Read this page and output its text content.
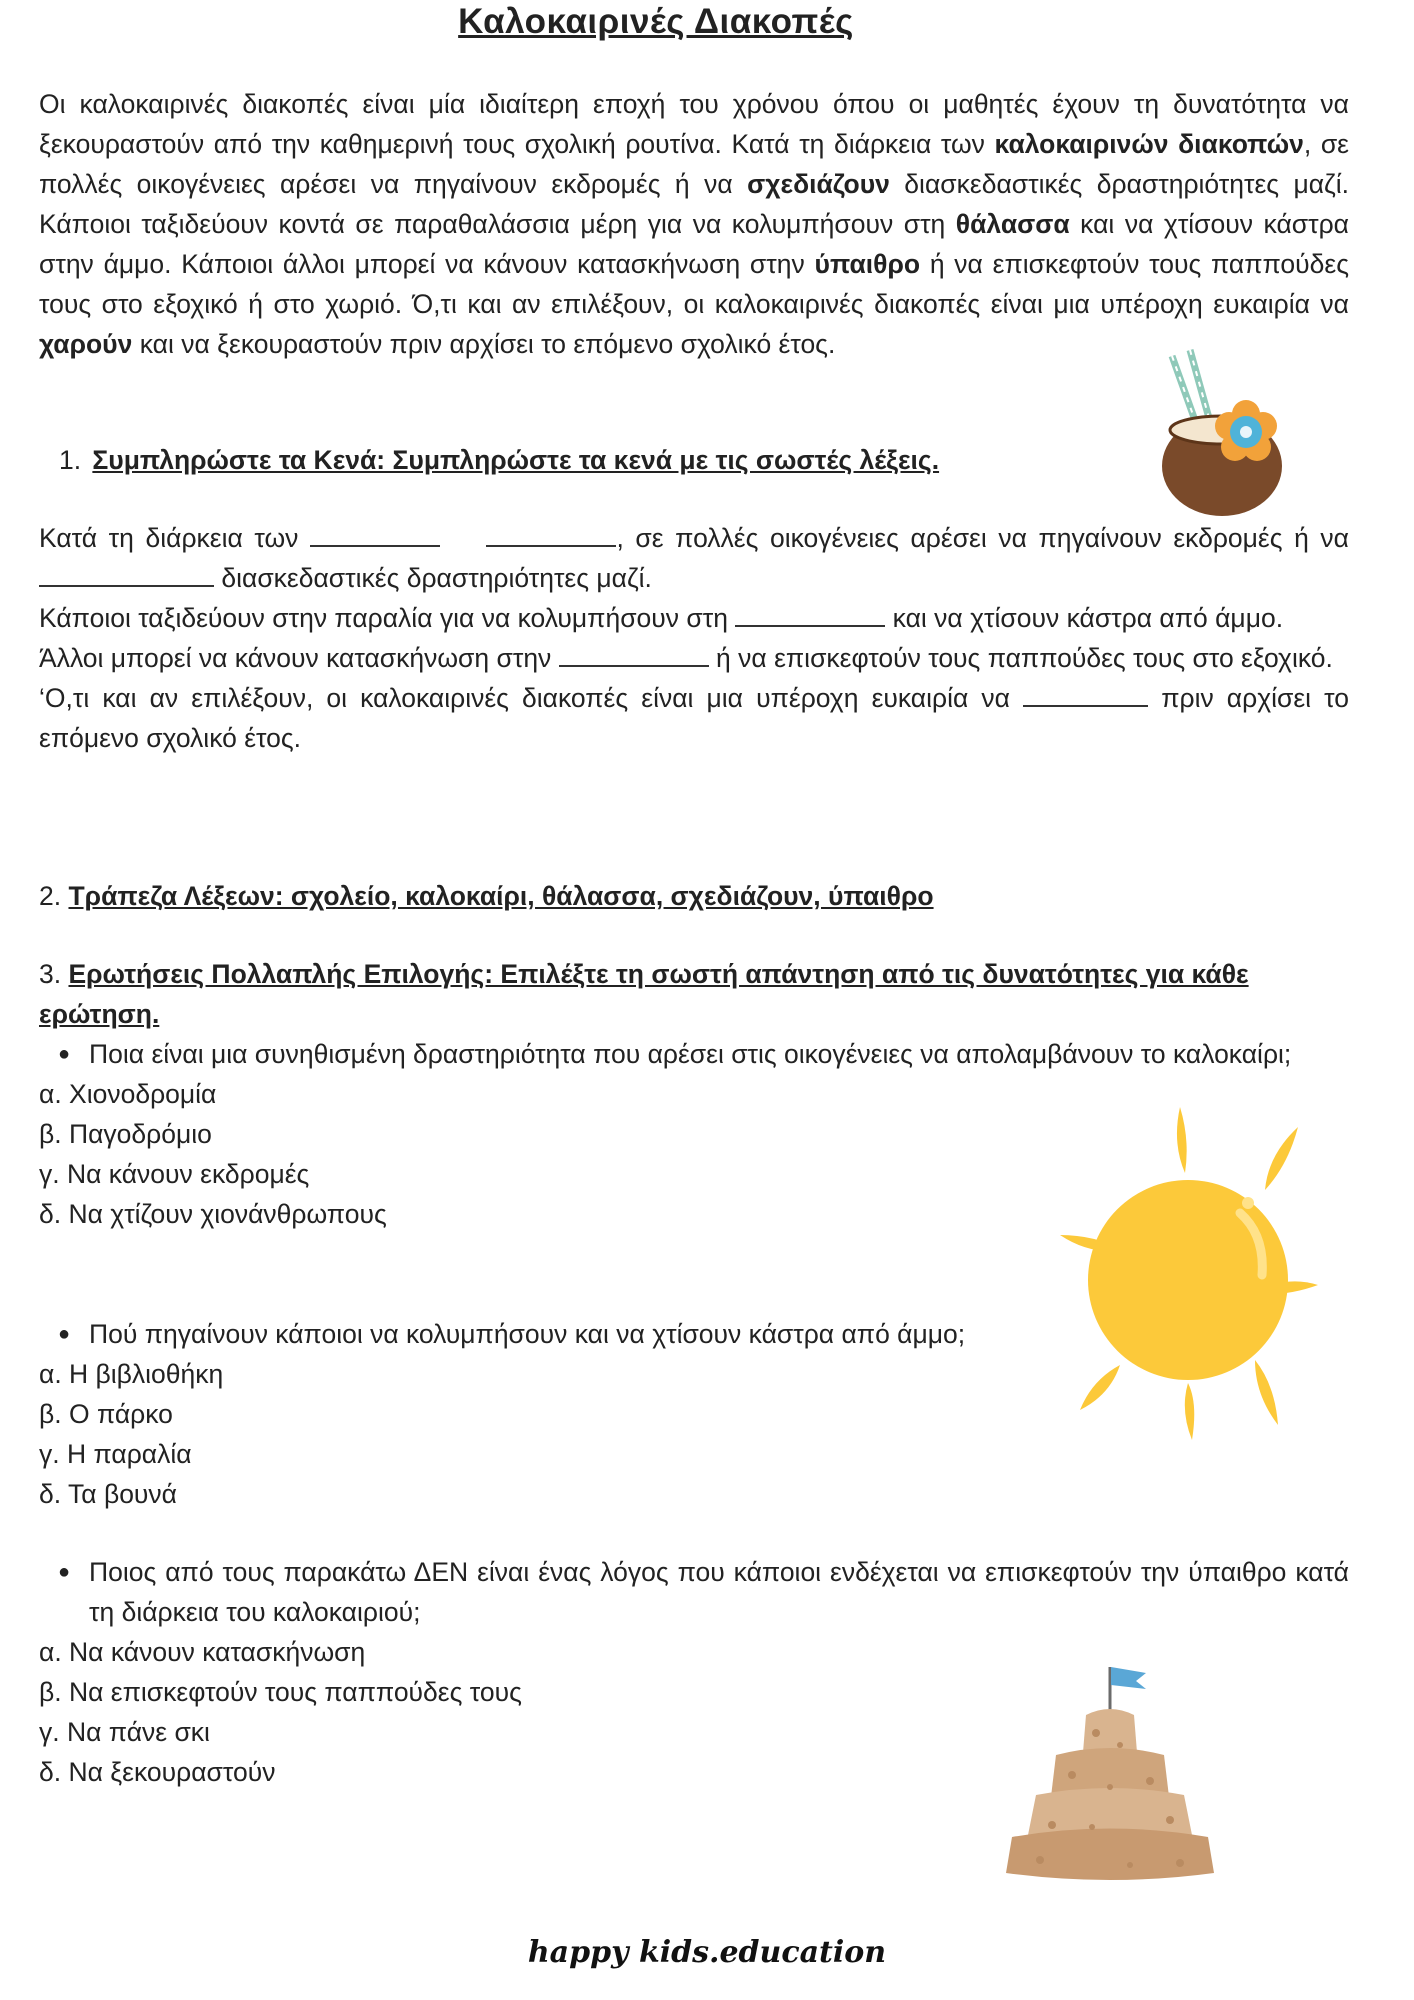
Καλοκαιρινές Διακοπές

Οι καλοκαιρινές διακοπές είναι μία ιδιαίτερη εποχή του χρόνου όπου οι μαθητές έχουν τη δυνατότητα να ξεκουραστούν από την καθημερινή τους σχολική ρουτίνα. Κατά τη διάρκεια των καλοκαιρινών διακοπών, σε πολλές οικογένειες αρέσει να πηγαίνουν εκδρομές ή να σχεδιάζουν διασκεδαστικές δραστηριότητες μαζί. Κάποιοι ταξιδεύουν κοντά σε παραθαλάσσια μέρη για να κολυμπήσουν στη θάλασσα και να χτίσουν κάστρα στην άμμο. Κάποιοι άλλοι μπορεί να κάνουν κατασκήνωση στην ύπαιθρο ή να επισκεφτούν τους παππούδες τους στο εξοχικό ή στο χωριό. Ό,τι και αν επιλέξουν, οι καλοκαιρινές διακοπές είναι μια υπέροχη ευκαιρία να χαρούν και να ξεκουραστούν πριν αρχίσει το επόμενο σχολικό έτος.

1. Συμπληρώστε τα Κενά: Συμπληρώστε τα κενά με τις σωστές λέξεις.

Κατά τη διάρκεια των	, σε πολλές οικογένειες αρέσει να πηγαίνουν εκδρομές ή να  διασκεδαστικές δραστηριότητες μαζί.

Κάποιοι ταξιδεύουν στην παραλία για να κολυμπήσουν στη	και να χτίσουν κάστρα από άμμο.

Άλλοι μπορεί να κάνουν κατασκήνωση στην	ή να επισκεφτούν τους παππούδες τους στο εξοχικό.

‘Ο,τι και αν επιλέξουν, οι καλοκαιρινές διακοπές είναι μια υπέροχη ευκαιρία να	πριν αρχίσει το επόμενο σχολικό έτος.

2. Τράπεζα Λέξεων: σχολείο, καλοκαίρι, θάλασσα, σχεδιάζουν, ύπαιθρο
3. Ερωτήσεις Πολλαπλής Επιλογής: Επιλέξτε τη σωστή απάντηση από τις δυνατότητες για κάθε ερώτηση.
● Ποια είναι μια συνηθισμένη δραστηριότητα που αρέσει στις οικογένειες να απολαμβάνουν το καλοκαίρι;

α. Χιονοδρομία

β. Παγοδρόμιο

γ. Να κάνουν εκδρομές

δ. Να χτίζουν χιονάνθρωπους

● Πού πηγαίνουν κάποιοι να κολυμπήσουν και να χτίσουν κάστρα από άμμο;

α. Η βιβλιοθήκη

β. Ο πάρκο

γ. Η παραλία

δ. Τα βουνά

● Ποιος από τους παρακάτω ΔΕΝ είναι ένας λόγος που κάποιοι ενδέχεται να επισκεφτούν την ύπαιθρο κατά τη διάρκεια του καλοκαιριού;

α. Να κάνουν κατασκήνωση

β. Να επισκεφτούν τους παππούδες τους

γ. Να πάνε σκι

δ. Να ξεκουραστούν

happy kids.education
